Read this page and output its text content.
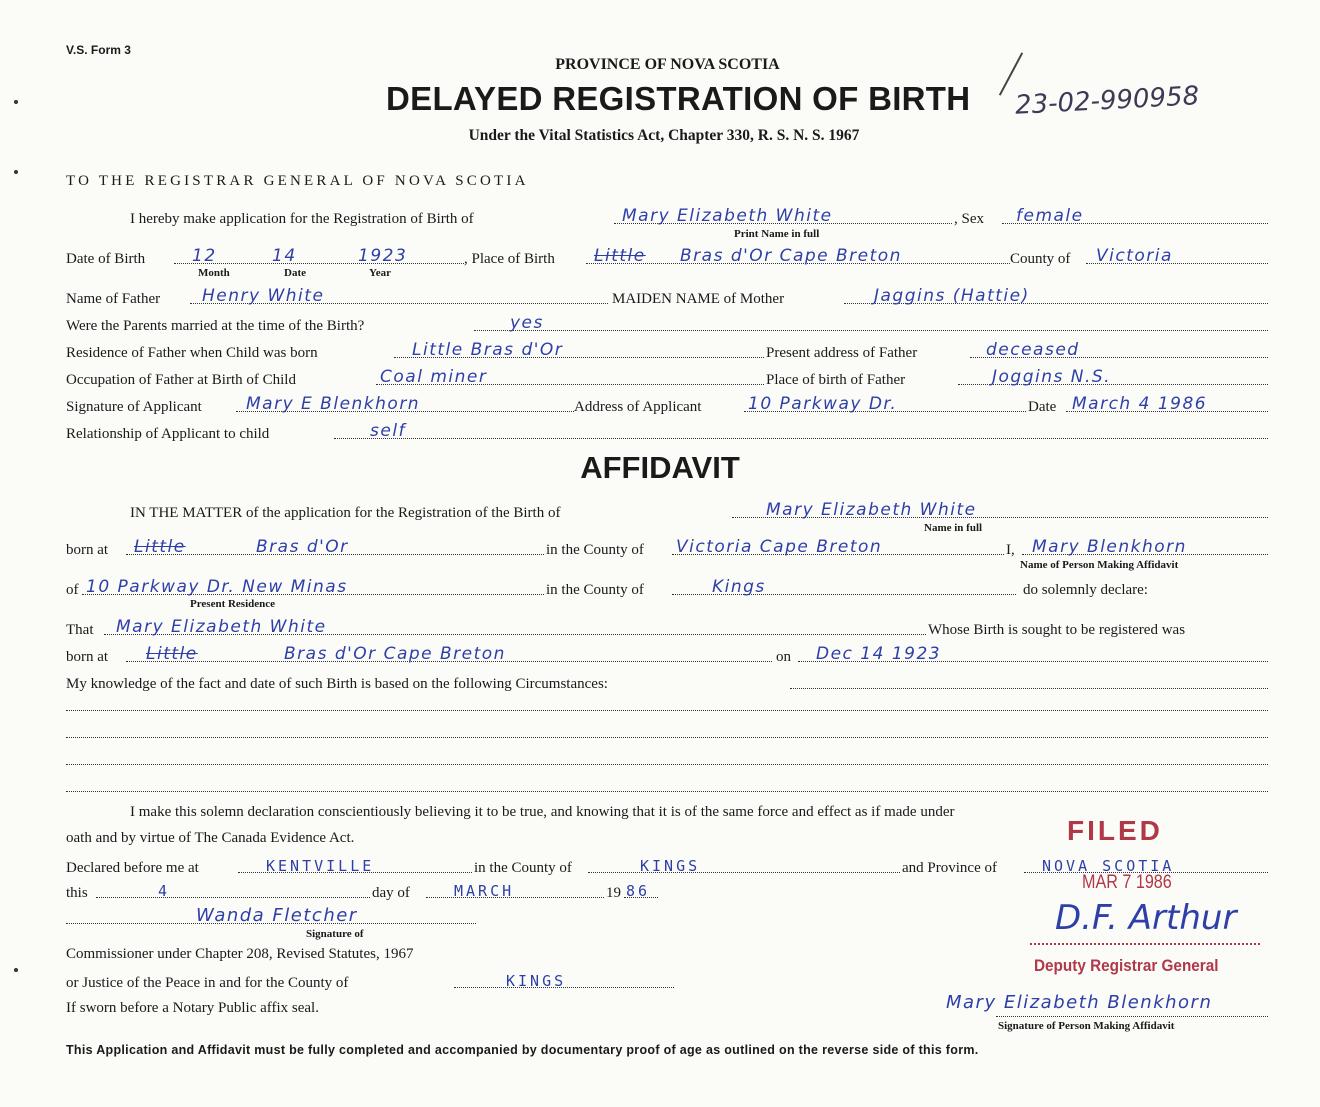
V.S. Form 3
PROVINCE OF NOVA SCOTIA
DELAYED REGISTRATION OF BIRTH 23-02-990958
Under the Vital Statistics Act, Chapter 330, R. S. N. S. 1967
TO THE REGISTRAR GENERAL OF NOVA SCOTIA
I hereby make application for the Registration of Birth of	Mary Elizabeth White	, Sex female
Print Name in full
Date of Birth	12	14	1923	, Place of Birth Little Bras d'Or Cape Breton	County of Victoria
Month	Date	Year
Name of Father Henry White	MAIDEN NAME of Mother	Jaggins (Hattie)
Were the Parents married at the time of the Birth?	yes
Residence of Father when Child was born	Little Bras d'Or	Present address of Father	deceased
Occupation of Father at Birth of Child	Coal miner	Place of birth of Father	Joggins N.S.
Signature of Applicant	Mary E Blenkhorn	Address of Applicant	10 Parkway Dr.	Date March 4 1986
Relationship of Applicant to child	self
AFFIDAVIT
IN THE MATTER of the application for the Registration of the Birth of	Mary Elizabeth White
Name in full
born at Little	Bras d'Or	in the County of Victoria Cape Breton	I, Mary Blenkhorn
Name of Person Making Affidavit
of 10 Parkway Dr. New Minas	in the County of	Kings	do solemnly declare:
Present Residence
That Mary Elizabeth White	Whose Birth is sought to be registered was
born at Little	Bras d'Or Cape Breton	on Dec 14 1923
My knowledge of the fact and date of such Birth is based on the following Circumstances:
I make this solemn declaration conscientiously believing it to be true, and knowing that it is of the same force and effect as if made under
oath and by virtue of The Canada Evidence Act.
Declared before me at	KENTVILLE	in the County of	KINGS	and Province of	NOVA SCOTIA
this	4	day of	MARCH	19 86
Wanda Fletcher
Signature of
Commissioner under Chapter 208, Revised Statutes, 1967
or Justice of the Peace in and for the County of	KINGS
If sworn before a Notary Public affix seal.	Mary Elizabeth Blenkhorn
Signature of Person Making Affidavit
FILED
MAR 7 1986
D.F. Arthur
Deputy Registrar General
This Application and Affidavit must be fully completed and accompanied by documentary proof of age as outlined on the reverse side of this form.
